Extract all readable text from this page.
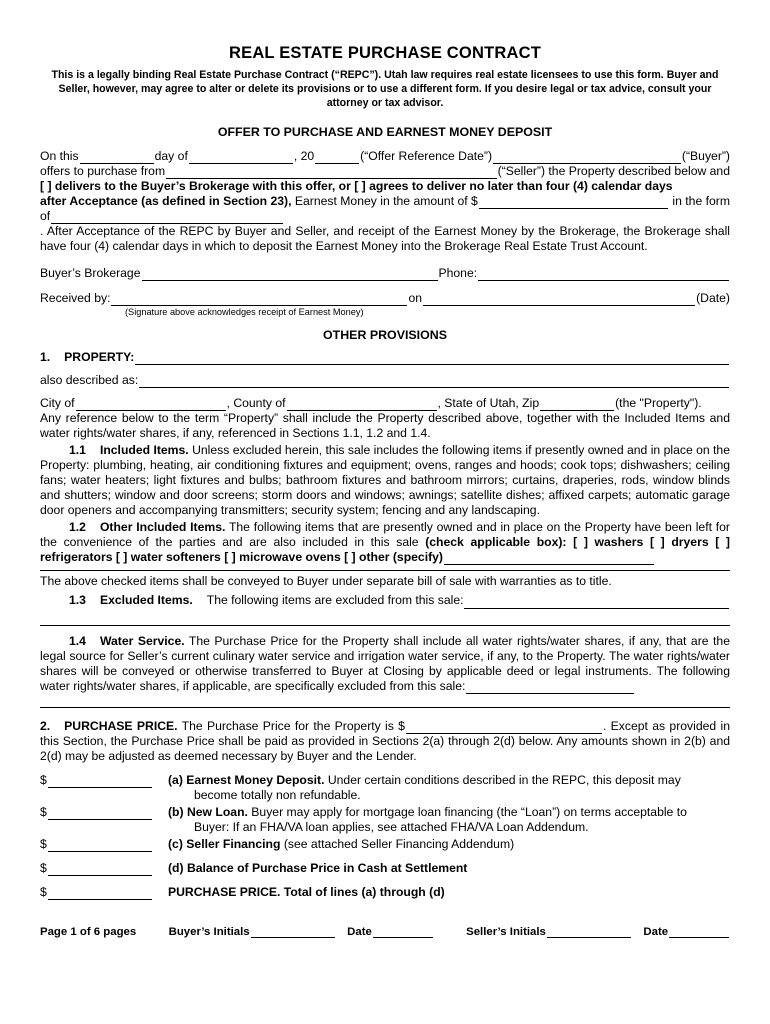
REAL ESTATE PURCHASE CONTRACT

This is a legally binding Real Estate Purchase Contract (“REPC”). Utah law requires real estate licensees to use this form. Buyer and Seller, however, may agree to alter or delete its provisions or to use a different form. If you desire legal or tax advice, consult your attorney or tax advisor.

OFFER TO PURCHASE AND EARNEST MONEY DEPOSIT
On this	day of	, 20	(“Offer Reference Date”)	(“Buyer”)
offers to purchase from	(“Seller”) the Property described below and

[ ] delivers to the Buyer’s Brokerage with this offer, or [ ] agrees to deliver no later than four (4) calendar days

after Acceptance (as defined in Section 23), Earnest Money in the amount of $	in the form
of

. After Acceptance of the REPC by Buyer and Seller, and receipt of the Earnest Money by the Brokerage, the Brokerage shall have four (4) calendar days in which to deposit the Earnest Money into the Brokerage Real Estate Trust Account.

Buyer’s Brokerage	Phone:
Received by:	on	(Date)
(Signature above acknowledges receipt of Earnest Money)
OTHER PROVISIONS
1. PROPERTY:
also described as:
City of	, County of	, State of Utah, Zip	(the "Property").

Any reference below to the term “Property” shall include the Property described above, together with the Included Items and water rights/water shares, if any, referenced in Sections 1.1, 1.2 and 1.4.

1.1 Included Items. Unless excluded herein, this sale includes the following items if presently owned and in place on the Property: plumbing, heating, air conditioning fixtures and equipment; ovens, ranges and hoods; cook tops; dishwashers; ceiling fans; water heaters; light fixtures and bulbs; bathroom fixtures and bathroom mirrors; curtains, draperies, rods, window blinds and shutters; window and door screens; storm doors and windows; awnings; satellite dishes; affixed carpets; automatic garage door openers and accompanying transmitters; security system; fencing and any landscaping.

1.2 Other Included Items. The following items that are presently owned and in place on the Property have been left for the convenience of the parties and are also included in this sale (check applicable box): [ ] washers [ ] dryers [ ] refrigerators [ ] water softeners [ ] microwave ovens [ ] other (specify)

The above checked items shall be conveyed to Buyer under separate bill of sale with warranties as to title.

1.3 Excluded Items. The following items are excluded from this sale:

1.4 Water Service. The Purchase Price for the Property shall include all water rights/water shares, if any, that are the legal source for Seller’s current culinary water service and irrigation water service, if any, to the Property. The water rights/water shares will be conveyed or otherwise transferred to Buyer at Closing by applicable deed or legal instruments. The following water rights/water shares, if applicable, are specifically excluded from this sale:

2. PURCHASE PRICE. The Purchase Price for the Property is $	. Except as provided in this Section, the Purchase Price shall be paid as provided in Sections 2(a) through 2(d) below. Any amounts shown in 2(b) and 2(d) may be adjusted as deemed necessary by Buyer and the Lender.

$	(a) Earnest Money Deposit. Under certain conditions described in the REPC, this deposit may
become totally non refundable.
$	(b) New Loan. Buyer may apply for mortgage loan financing (the “Loan”) on terms acceptable to
Buyer: If an FHA/VA loan applies, see attached FHA/VA Loan Addendum.
$	(c) Seller Financing (see attached Seller Financing Addendum)
$	(d) Balance of Purchase Price in Cash at Settlement
$	PURCHASE PRICE. Total of lines (a) through (d)
Page 1 of 6 pages	Buyer’s Initials	Date	Seller’s Initials	Date
